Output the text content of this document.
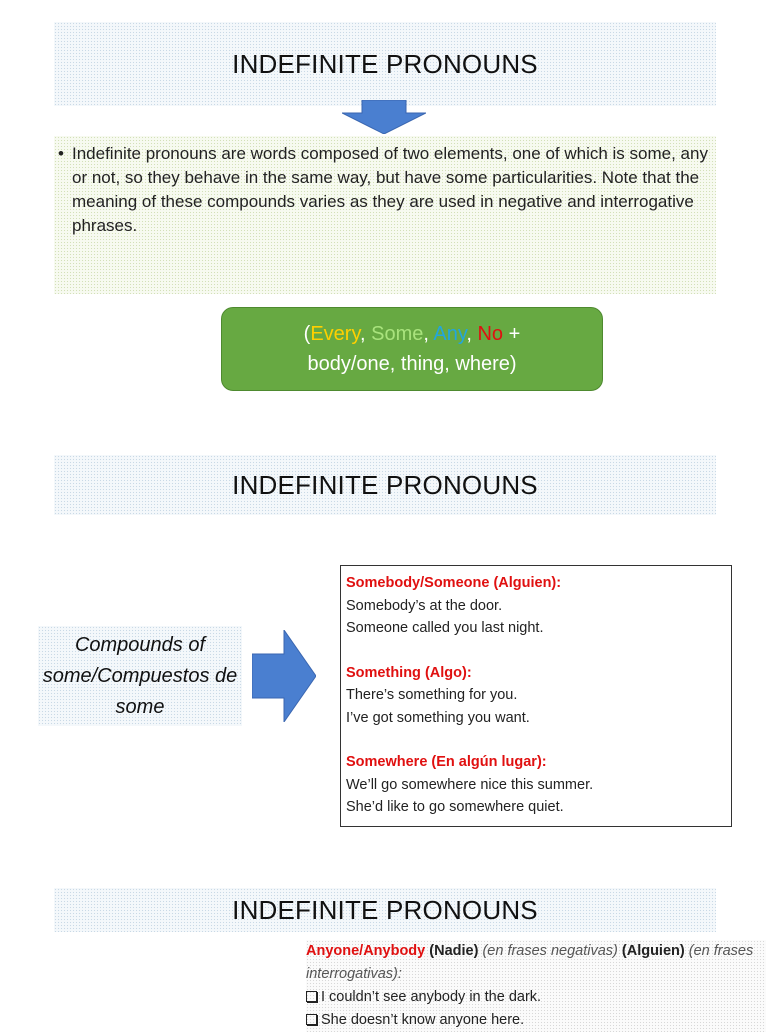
INDEFINITE PRONOUNS

• Indefinite pronouns are words composed of two elements, one of which is some, any or not, so they behave in the same way, but have some particularities. Note that the meaning of these compounds varies as they are used in negative and interrogative phrases.

(Every, Some, Any, No +
body/one, thing, where)
INDEFINITE PRONOUNS
Compounds of some/Compuestos de some
Somebody/Someone (Alguien):
Somebody’s at the door.
Someone called you last night.
Something (Algo):
There’s something for you.
I’ve got something you want.
Somewhere (En algún lugar):
We’ll go somewhere nice this summer.
She’d like to go somewhere quiet.
INDEFINITE PRONOUNS
Anyone/Anybody (Nadie) (en frases negativas) (Alguien) (en frases interrogativas):
I couldn’t see anybody in the dark.
She doesn’t know anyone here.
